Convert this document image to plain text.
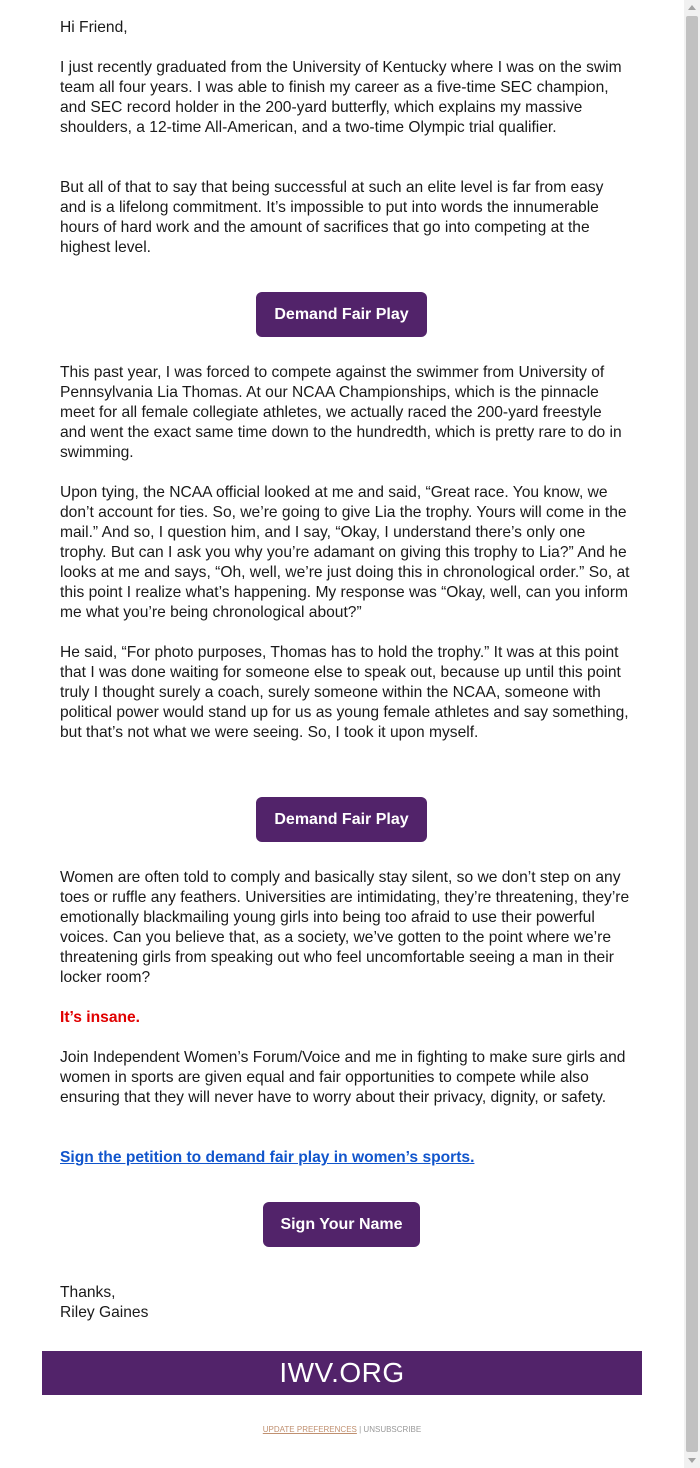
Hi Friend,

I just recently graduated from the University of Kentucky where I was on the swim team all four years. I was able to finish my career as a five-time SEC champion, and SEC record holder in the 200-yard butterfly, which explains my massive shoulders, a 12-time All-American, and a two-time Olympic trial qualifier.

But all of that to say that being successful at such an elite level is far from easy and is a lifelong commitment. It’s impossible to put into words the innumerable hours of hard work and the amount of sacrifices that go into competing at the highest level.

Demand Fair Play

This past year, I was forced to compete against the swimmer from University of Pennsylvania Lia Thomas. At our NCAA Championships, which is the pinnacle meet for all female collegiate athletes, we actually raced the 200-yard freestyle and went the exact same time down to the hundredth, which is pretty rare to do in swimming.

Upon tying, the NCAA official looked at me and said, “Great race. You know, we don’t account for ties. So, we’re going to give Lia the trophy. Yours will come in the mail.” And so, I question him, and I say, “Okay, I understand there’s only one trophy. But can I ask you why you’re adamant on giving this trophy to Lia?” And he looks at me and says, “Oh, well, we’re just doing this in chronological order.” So, at this point I realize what’s happening. My response was “Okay, well, can you inform me what you’re being chronological about?”

He said, “For photo purposes, Thomas has to hold the trophy.” It was at this point that I was done waiting for someone else to speak out, because up until this point truly I thought surely a coach, surely someone within the NCAA, someone with political power would stand up for us as young female athletes and say something, but that’s not what we were seeing. So, I took it upon myself.

Demand Fair Play

Women are often told to comply and basically stay silent, so we don’t step on any toes or ruffle any feathers. Universities are intimidating, they’re threatening, they’re emotionally blackmailing young girls into being too afraid to use their powerful voices. Can you believe that, as a society, we’ve gotten to the point where we’re threatening girls from speaking out who feel uncomfortable seeing a man in their locker room?

It’s insane.

Join Independent Women’s Forum/Voice and me in fighting to make sure girls and women in sports are given equal and fair opportunities to compete while also ensuring that they will never have to worry about their privacy, dignity, or safety.

Sign the petition to demand fair play in women’s sports.

Sign Your Name

Thanks,

Riley Gaines

IWV.ORG
UPDATE PREFERENCES | UNSUBSCRIBE
